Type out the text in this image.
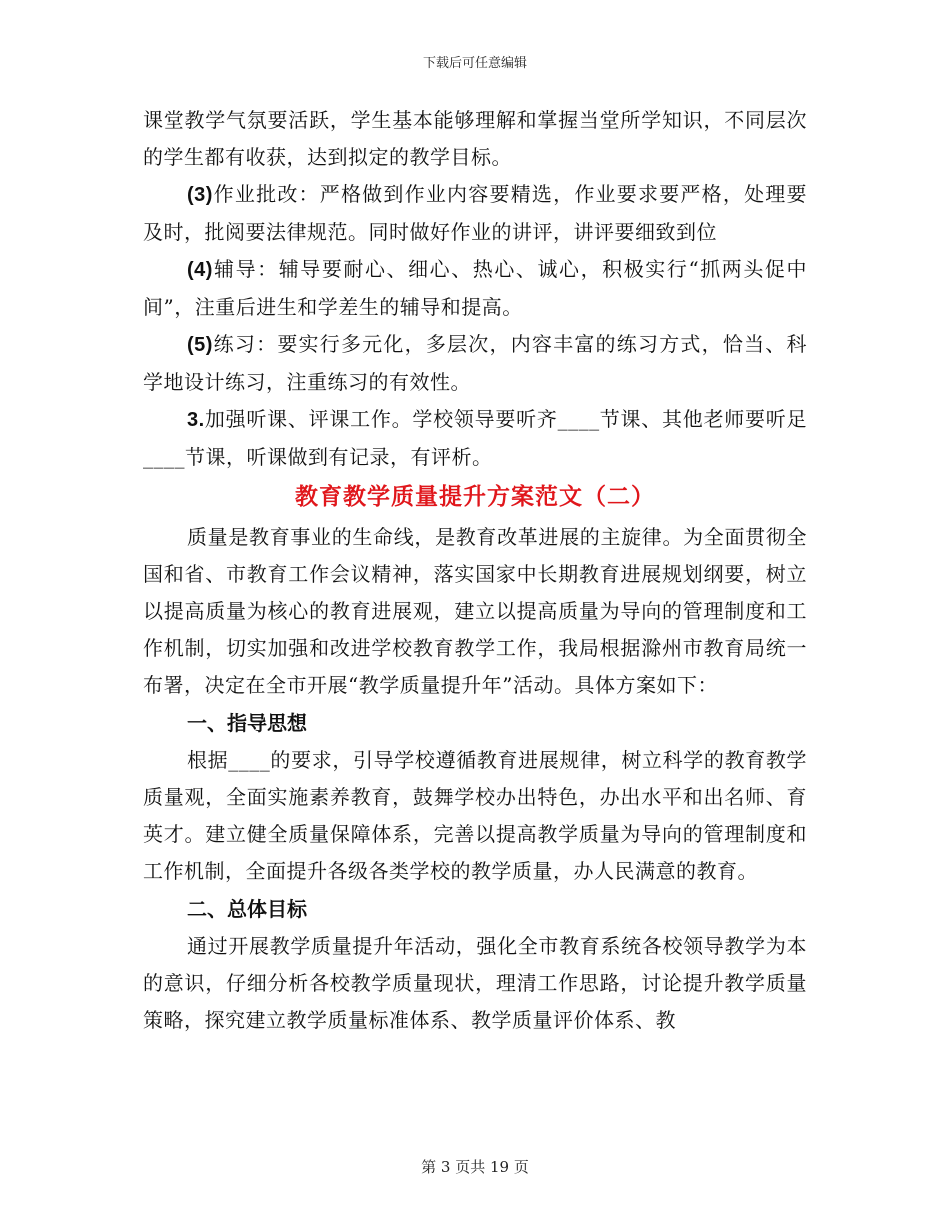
下载后可任意编辑

课堂教学气氛要活跃，学生基本能够理解和掌握当堂所学知识，不同层次的学生都有收获，达到拟定的教学目标。

(3)作业批改：严格做到作业内容要精选，作业要求要严格，处理要及时，批阅要法律规范。同时做好作业的讲评，讲评要细致到位

(4)辅导：辅导要耐心、细心、热心、诚心，积极实行“抓两头促中间”，注重后进生和学差生的辅导和提高。

(5)练习：要实行多元化，多层次，内容丰富的练习方式，恰当、科学地设计练习，注重练习的有效性。

3.加强听课、评课工作。学校领导要听齐____节课、其他老师要听足____节课，听课做到有记录，有评析。

教育教学质量提升方案范文（二）

质量是教育事业的生命线，是教育改革进展的主旋律。为全面贯彻全国和省、市教育工作会议精神，落实国家中长期教育进展规划纲要，树立以提高质量为核心的教育进展观，建立以提高质量为导向的管理制度和工作机制，切实加强和改进学校教育教学工作，我局根据滁州市教育局统一布署，决定在全市开展“教学质量提升年”活动。具体方案如下：

一、指导思想

根据____的要求，引导学校遵循教育进展规律，树立科学的教育教学质量观，全面实施素养教育，鼓舞学校办出特色，办出水平和出名师、育英才。建立健全质量保障体系，完善以提高教学质量为导向的管理制度和工作机制，全面提升各级各类学校的教学质量，办人民满意的教育。

二、总体目标

通过开展教学质量提升年活动，强化全市教育系统各校领导教学为本的意识，仔细分析各校教学质量现状，理清工作思路，讨论提升教学质量策略，探究建立教学质量标准体系、教学质量评价体系、教

第 3 页共 19 页
